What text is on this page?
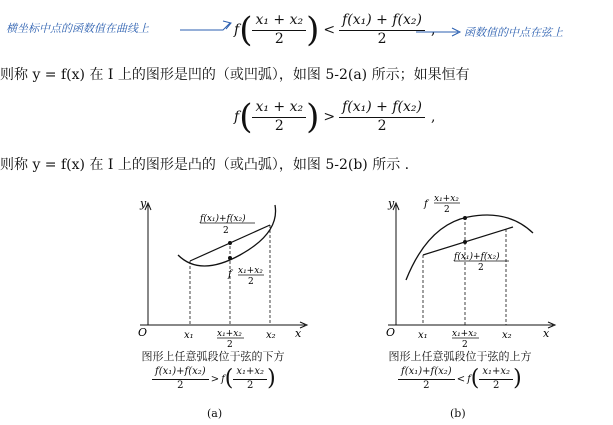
横坐标中点的函数值在曲线上	f ( $\frac{\text{x₁ + x₂}}{2}$ ) < $\frac{\text{f(x₁) + f(x₂)}}{2}$ ,	函数值的中点在弦上
则称 y = f(x) 在 I 上的图形是凹的（或凹弧），如图 5-2(a) 所示；如果恒有
f ( $\frac{\text{x₁ + x₂}}{2}$ ) > $\frac{\text{f(x₁) + f(x₂)}}{2}$ ,
则称 y = f(x) 在 I 上的图形是凸的（或凸弧），如图 5-2(b) 所示 .
y
x
O	x₁	x₁+x₂
2
x₂
f(x₁)+f(x₂)
2
f x₁+x₂
2
图形上任意弧段位于弦的下方
$\frac{\text{f(x₁)+f(x₂)}}{2} > f$ ( $\frac{\text{x₁+x₂}}{2}$ )
(a)
y
x
O x₁	x₁+x₂
2
x₂
f x₁+x₂
2
f(x₁)+f(x₂)
2
图形上任意弧段位于弦的上方
$\frac{\text{f(x₁)+f(x₂)}}{2} < f$ ( $\frac{\text{x₁+x₂}}{2}$ )
(b)
